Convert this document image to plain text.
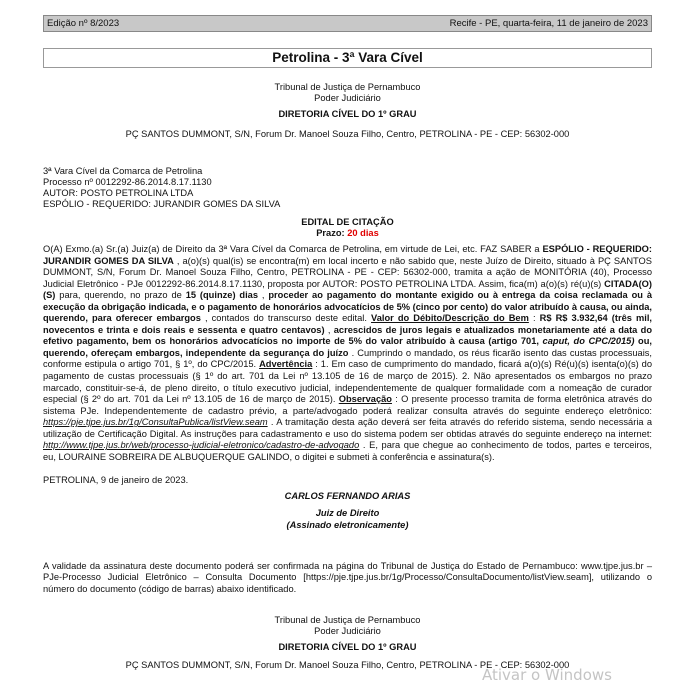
Edição nº 8/2023	Recife - PE, quarta-feira, 11 de janeiro de 2023
Petrolina - 3ª Vara Cível
Tribunal de Justiça de Pernambuco
Poder Judiciário
DIRETORIA CÍVEL DO 1º GRAU
PÇ SANTOS DUMMONT, S/N, Forum Dr. Manoel Souza Filho, Centro, PETROLINA - PE - CEP: 56302-000
3ª Vara Cível da Comarca de Petrolina
Processo nº 0012292-86.2014.8.17.1130
AUTOR: POSTO PETROLINA LTDA
ESPÓLIO - REQUERIDO: JURANDIR GOMES DA SILVA
EDITAL DE CITAÇÃO
Prazo: 20 dias
O(A) Exmo.(a) Sr.(a) Juiz(a) de Direito da 3ª Vara Cível da Comarca de Petrolina, em virtude de Lei, etc. FAZ SABER a ESPÓLIO - REQUERIDO: JURANDIR GOMES DA SILVA , a(o)(s) qual(is) se encontra(m) em local incerto e não sabido que, neste Juízo de Direito, situado à PÇ SANTOS DUMMONT, S/N, Forum Dr. Manoel Souza Filho, Centro, PETROLINA - PE - CEP: 56302-000, tramita a ação de MONITÓRIA (40), Processo Judicial Eletrônico - PJe 0012292-86.2014.8.17.1130, proposta por AUTOR: POSTO PETROLINA LTDA. Assim, fica(m) a(o)(s) ré(u)(s) CITADA(O)(S) para, querendo, no prazo de 15 (quinze) dias , proceder ao pagamento do montante exigido ou à entrega da coisa reclamada ou à execução da obrigação indicada, e o pagamento de honorários advocatícios de 5% (cinco por cento) do valor atribuído à causa, ou ainda, querendo, para oferecer embargos , contados do transcurso deste edital. Valor do Débito/Descrição do Bem : R$ R$ 3.932,64 (três mil, novecentos e trinta e dois reais e sessenta e quatro centavos) , acrescidos de juros legais e atualizados monetariamente até a data do efetivo pagamento, bem os honorários advocatícios no importe de 5% do valor atribuído à causa (artigo 701, caput, do CPC/2015) ou, querendo, ofereçam embargos, independente da segurança do juízo . Cumprindo o mandado, os réus ficarão isento das custas processuais, conforme estipula o artigo 701, § 1º, do CPC/2015. Advertência : 1. Em caso de cumprimento do mandado, ficará a(o)(s) Ré(u)(s) isenta(o)(s) do pagamento de custas processuais (§ 1º do art. 701 da Lei nº 13.105 de 16 de março de 2015). 2. Não apresentados os embargos no prazo marcado, constituir-se-á, de pleno direito, o título executivo judicial, independentemente de qualquer formalidade com a nomeação de curador especial (§ 2º do art. 701 da Lei nº 13.105 de 16 de março de 2015). Observação : O presente processo tramita de forma eletrônica através do sistema PJe. Independentemente de cadastro prévio, a parte/advogado poderá realizar consulta através do seguinte endereço eletrônico: https://pje.tjpe.jus.br/1g/ConsultaPublica/listView.seam . A tramitação desta ação deverá ser feita através do referido sistema, sendo necessária a utilização de Certificação Digital. As instruções para cadastramento e uso do sistema podem ser obtidas através do seguinte endereço na internet: http://www.tjpe.jus.br/web/processo-judicial-eletronico/cadastro-de-advogado . E, para que chegue ao conhecimento de todos, partes e terceiros, eu, LOURAINE SOBREIRA DE ALBUQUERQUE GALINDO, o digitei e submeti à conferência e assinatura(s).
PETROLINA, 9 de janeiro de 2023.
CARLOS FERNANDO ARIAS
Juiz de Direito
(Assinado eletronicamente)
A validade da assinatura deste documento poderá ser confirmada na página do Tribunal de Justiça do Estado de Pernambuco: www.tjpe.jus.br – PJe-Processo Judicial Eletrônico – Consulta Documento [https://pje.tjpe.jus.br/1g/Processo/ConsultaDocumento/listView.seam], utilizando o número do documento (código de barras) abaixo identificado.
Tribunal de Justiça de Pernambuco
Poder Judiciário
DIRETORIA CÍVEL DO 1º GRAU
PÇ SANTOS DUMMONT, S/N, Forum Dr. Manoel Souza Filho, Centro, PETROLINA - PE - CEP: 56302-000
Ativar o Windows
